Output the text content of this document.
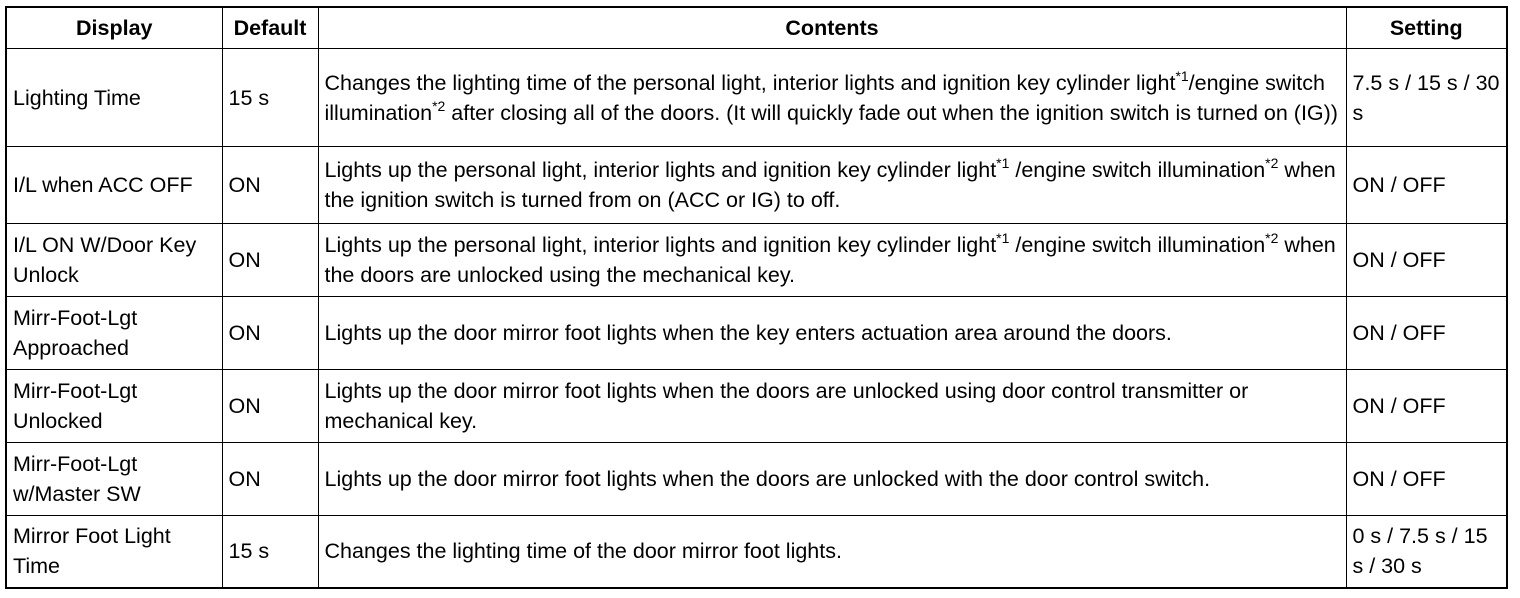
Display	Default	Contents	Setting
Lighting Time	15 s	Changes the lighting time of the personal light, interior lights and ignition key cylinder light$^{*1}$/engine switch illumination$^{*2}$ after closing all of the doors. (It will quickly fade out when the ignition switch is turned on (IG))	7.5 s / 15 s / 30 s
I/L when ACC OFF	ON	Lights up the personal light, interior lights and ignition key cylinder light$^{*1}$ /engine switch illumination$^{*2}$ when the ignition switch is turned from on (ACC or IG) to off.	ON / OFF
I/L ON W/Door Key Unlock	ON	Lights up the personal light, interior lights and ignition key cylinder light$^{*1}$ /engine switch illumination$^{*2}$ when the doors are unlocked using the mechanical key.	ON / OFF
Mirr-Foot-Lgt Approached	ON	Lights up the door mirror foot lights when the key enters actuation area around the doors.	ON / OFF
Mirr-Foot-Lgt Unlocked	ON	Lights up the door mirror foot lights when the doors are unlocked using door control transmitter or mechanical key.	ON / OFF
Mirr-Foot-Lgt w/Master SW	ON	Lights up the door mirror foot lights when the doors are unlocked with the door control switch.	ON / OFF
Mirror Foot Light Time	15 s	Changes the lighting time of the door mirror foot lights.	0 s / 7.5 s / 15 s / 30 s
